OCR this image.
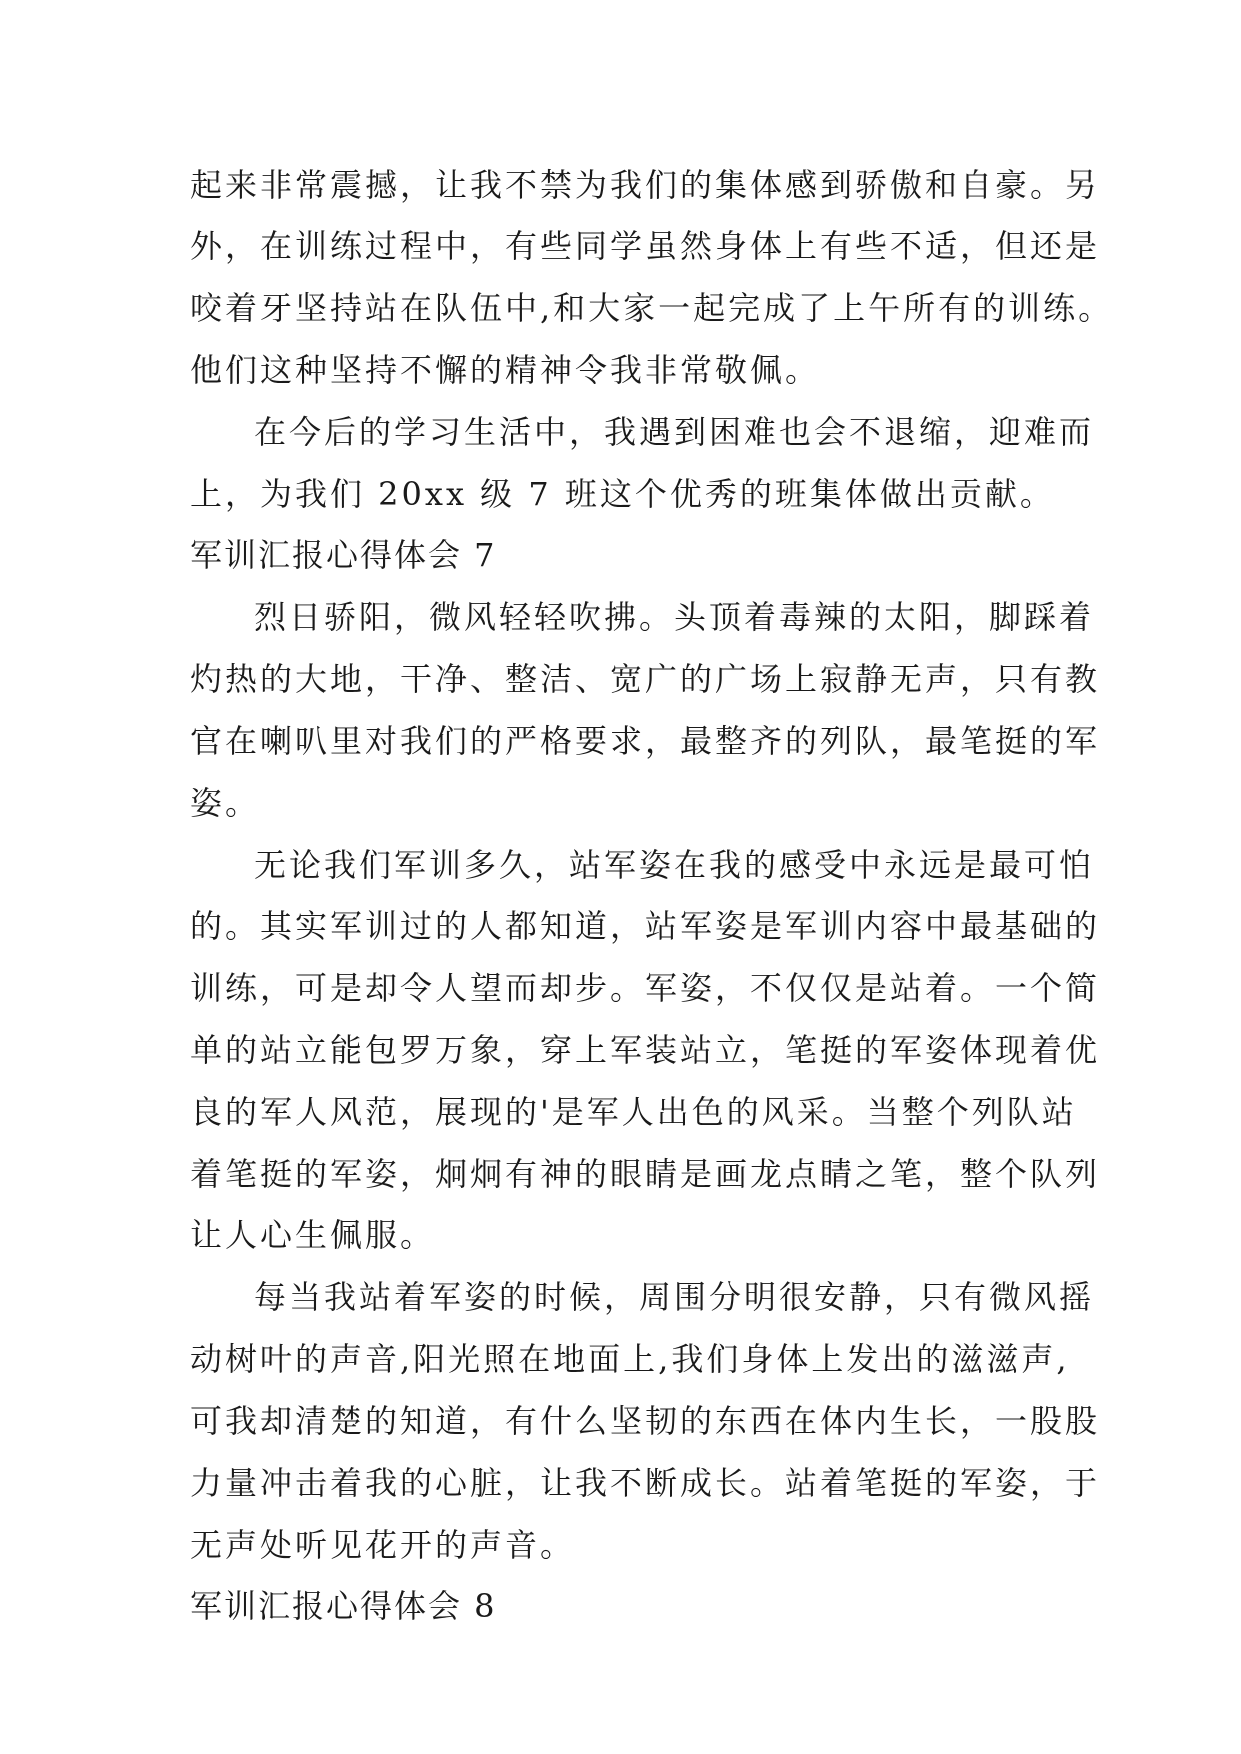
起来非常震撼，让我不禁为我们的集体感到骄傲和自豪。另
外，在训练过程中，有些同学虽然身体上有些不适，但还是
咬着牙坚持站在队伍中,和大家一起完成了上午所有的训练。
他们这种坚持不懈的精神令我非常敬佩。
在今后的学习生活中，我遇到困难也会不退缩，迎难而
上，为我们 20xx 级 7 班这个优秀的班集体做出贡献。
军训汇报心得体会 7
烈日骄阳，微风轻轻吹拂。头顶着毒辣的太阳，脚踩着
灼热的大地，干净、整洁、宽广的广场上寂静无声，只有教
官在喇叭里对我们的严格要求，最整齐的列队，最笔挺的军
姿。
无论我们军训多久，站军姿在我的感受中永远是最可怕
的。其实军训过的人都知道，站军姿是军训内容中最基础的
训练，可是却令人望而却步。军姿，不仅仅是站着。一个简
单的站立能包罗万象，穿上军装站立，笔挺的军姿体现着优
良的军人风范，展现的'是军人出色的风采。当整个列队站
着笔挺的军姿，炯炯有神的眼睛是画龙点睛之笔，整个队列
让人心生佩服。
每当我站着军姿的时候，周围分明很安静，只有微风摇
动树叶的声音,阳光照在地面上,我们身体上发出的滋滋声,
可我却清楚的知道，有什么坚韧的东西在体内生长，一股股
力量冲击着我的心脏，让我不断成长。站着笔挺的军姿，于
无声处听见花开的声音。
军训汇报心得体会 8
